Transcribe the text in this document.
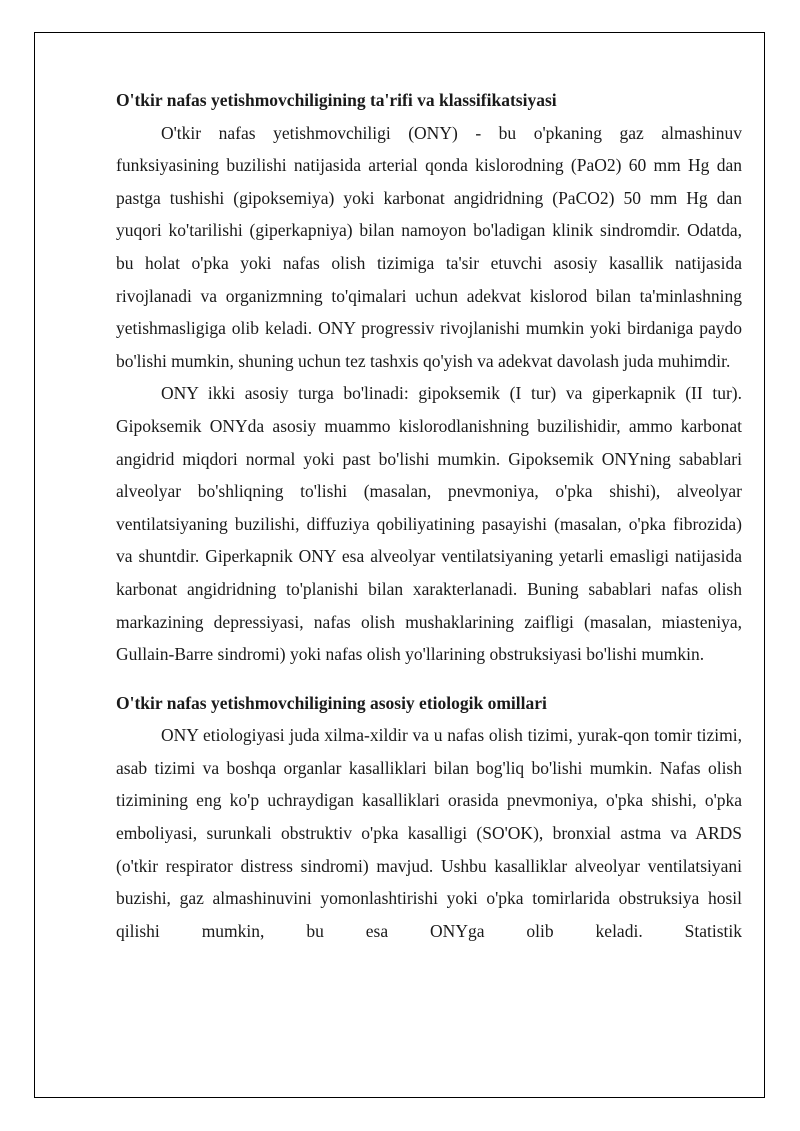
O'tkir nafas yetishmovchiligining ta'rifi va klassifikatsiyasi

O'tkir nafas yetishmovchiligi (ONY) - bu o'pkaning gaz almashinuv funksiyasining buzilishi natijasida arterial qonda kislorodning (PaO2) 60 mm Hg dan pastga tushishi (gipoksemiya) yoki karbonat angidridning (PaCO2) 50 mm Hg dan yuqori ko'tarilishi (giperkapniya) bilan namoyon bo'ladigan klinik sindromdir. Odatda, bu holat o'pka yoki nafas olish tizimiga ta'sir etuvchi asosiy kasallik natijasida rivojlanadi va organizmning to'qimalari uchun adekvat kislorod bilan ta'minlashning yetishmasligiga olib keladi. ONY progressiv rivojlanishi mumkin yoki birdaniga paydo bo'lishi mumkin, shuning uchun tez tashxis qo'yish va adekvat davolash juda muhimdir.

ONY ikki asosiy turga bo'linadi: gipoksemik (I tur) va giperkapnik (II tur). Gipoksemik ONYda asosiy muammo kislorodlanishning buzilishidir, ammo karbonat angidrid miqdori normal yoki past bo'lishi mumkin. Gipoksemik ONYning sabablari alveolyar bo'shliqning to'lishi (masalan, pnevmoniya, o'pka shishi), alveolyar ventilatsiyaning buzilishi, diffuziya qobiliyatining pasayishi (masalan, o'pka fibrozida) va shuntdir. Giperkapnik ONY esa alveolyar ventilatsiyaning yetarli emasligi natijasida karbonat angidridning to'planishi bilan xarakterlanadi. Buning sabablari nafas olish markazining depressiyasi, nafas olish mushaklarining zaifligi (masalan, miasteniya, Gullain-Barre sindromi) yoki nafas olish yo'llarining obstruksiyasi bo'lishi mumkin.

O'tkir nafas yetishmovchiligining asosiy etiologik omillari

ONY etiologiyasi juda xilma-xildir va u nafas olish tizimi, yurak-qon tomir tizimi, asab tizimi va boshqa organlar kasalliklari bilan bog'liq bo'lishi mumkin. Nafas olish tizimining eng ko'p uchraydigan kasalliklari orasida pnevmoniya, o'pka shishi, o'pka emboliyasi, surunkali obstruktiv o'pka kasalligi (SO'OK), bronxial astma va ARDS (o'tkir respirator distress sindromi) mavjud. Ushbu kasalliklar alveolyar ventilatsiyani buzishi, gaz almashinuvini yomonlashtirishi yoki o'pka tomirlarida obstruksiya hosil qilishi mumkin, bu esa ONYga olib keladi. Statistik
